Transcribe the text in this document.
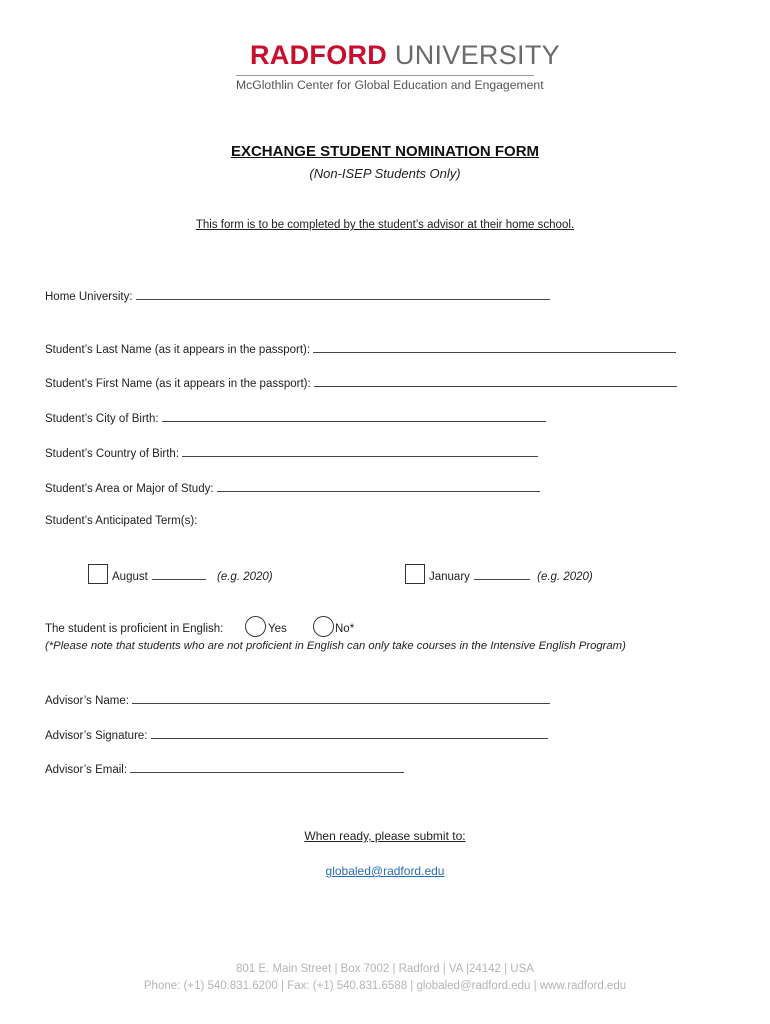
RADFORD UNIVERSITY
McGlothlin Center for Global Education and Engagement
EXCHANGE STUDENT NOMINATION FORM
(Non-ISEP Students Only)
This form is to be completed by the student’s advisor at their home school.
Home University:
Student’s Last Name (as it appears in the passport):
Student’s First Name (as it appears in the passport):
Student’s City of Birth:
Student’s Country of Birth:
Student’s Area or Major of Study:
Student’s Anticipated Term(s):
August	(e.g. 2020)	January	(e.g. 2020)
The student is proficient in English:	Yes	No*
(*Please note that students who are not proficient in English can only take courses in the Intensive English Program)
Advisor’s Name:
Advisor’s Signature:
Advisor’s Email:
When ready, please submit to:
globaled@radford.edu
801 E. Main Street | Box 7002 | Radford | VA |24142 | USA
Phone: (+1) 540.831.6200 | Fax: (+1) 540.831.6588 | globaled@radford.edu | www.radford.edu
